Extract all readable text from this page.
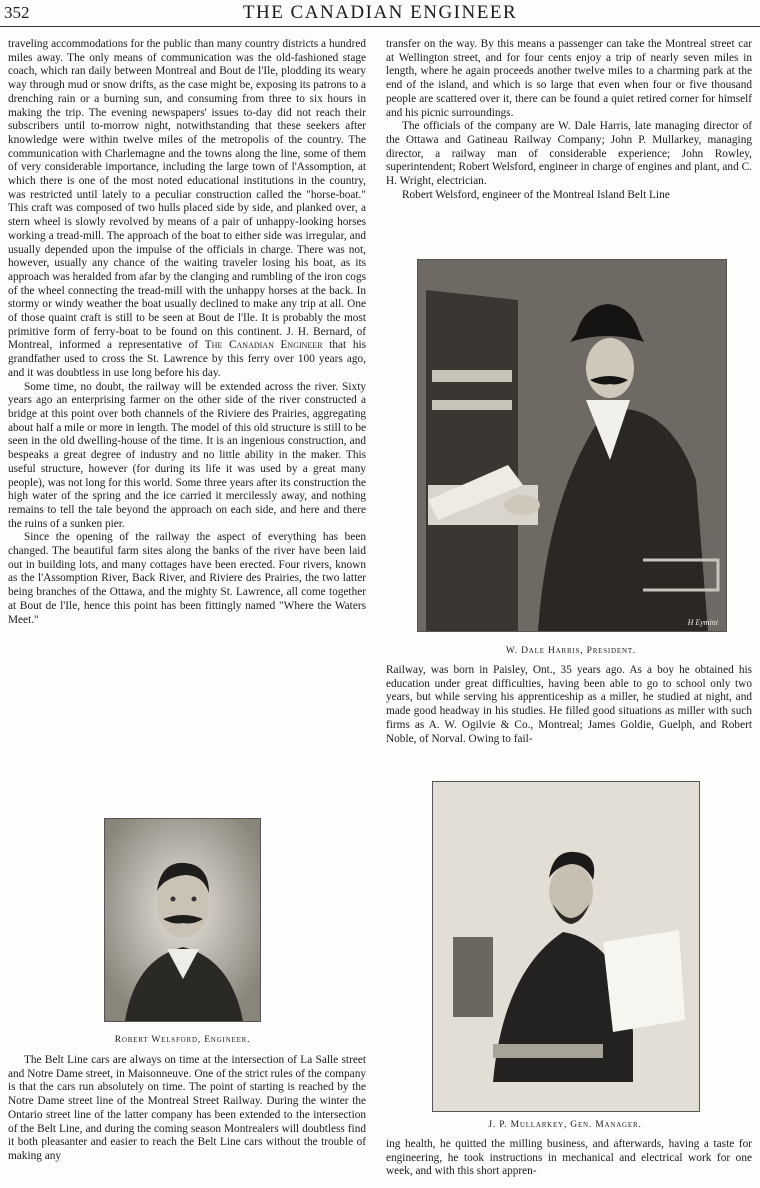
352	THE CANADIAN ENGINEER

traveling accommodations for the public than many country districts a hundred miles away. The only means of communication was the old-fashioned stage coach, which ran daily between Montreal and Bout de l'Ile, plodding its weary way through mud or snow drifts, as the case might be, exposing its patrons to a drenching rain or a burning sun, and consuming from three to six hours in making the trip. The evening newspapers' issues to-day did not reach their subscribers until to-morrow night, notwithstanding that these seekers after knowledge were within twelve miles of the metropolis of the country. The communication with Charlemagne and the towns along the line, some of them of very considerable importance, including the large town of l'Assomption, at which there is one of the most noted educational institutions in the country, was restricted until lately to a peculiar construction called the "horse-boat." This craft was composed of two hulls placed side by side, and planked over, a stern wheel is slowly revolved by means of a pair of unhappy-looking horses working a tread-mill. The approach of the boat to either side was irregular, and usually depended upon the impulse of the officials in charge. There was not, however, usually any chance of the waiting traveler losing his boat, as its approach was heralded from afar by the clanging and rumbling of the iron cogs of the wheel connecting the tread-mill with the unhappy horses at the back. In stormy or windy weather the boat usually declined to make any trip at all. One of those quaint craft is still to be seen at Bout de l'Ile. It is probably the most primitive form of ferry-boat to be found on this continent. J. H. Bernard, of Montreal, informed a representative of The Canadian Engineer that his grandfather used to cross the St. Lawrence by this ferry over 100 years ago, and it was doubtless in use long before his day.

Some time, no doubt, the railway will be extended across the river. Sixty years ago an enterprising farmer on the other side of the river constructed a bridge at this point over both channels of the Riviere des Prairies, aggregating about half a mile or more in length. The model of this old structure is still to be seen in the old dwelling-house of the time. It is an ingenious construction, and bespeaks a great degree of industry and no little ability in the maker. This useful structure, however (for during its life it was used by a great many people), was not long for this world. Some three years after its construction the high water of the spring and the ice carried it mercilessly away, and nothing remains to tell the tale beyond the approach on each side, and here and there the ruins of a sunken pier.

Since the opening of the railway the aspect of everything has been changed. The beautiful farm sites along the banks of the river have been laid out in building lots, and many cottages have been erected. Four rivers, known as the l'Assomption River, Back River, and Riviere des Prairies, the two latter being branches of the Ottawa, and the mighty St. Lawrence, all come together at Bout de l'Ile, hence this point has been fittingly named "Where the Waters Meet."

Robert Welsford, Engineer.

The Belt Line cars are always on time at the intersection of La Salle street and Notre Dame street, in Maisonneuve. One of the strict rules of the company is that the cars run absolutely on time. The point of starting is reached by the Notre Dame street line of the Montreal Street Railway. During the winter the Ontario street line of the latter company has been extended to the intersection of the Belt Line, and during the coming season Montrealers will doubtless find it both pleasanter and easier to reach the Belt Line cars without the trouble of making any

transfer on the way. By this means a passenger can take the Montreal street car at Wellington street, and for four cents enjoy a trip of nearly seven miles in length, where he again proceeds another twelve miles to a charming park at the end of the island, and which is so large that even when four or five thousand people are scattered over it, there can be found a quiet retired corner for himself and his picnic surroundings.

The officials of the company are W. Dale Harris, late managing director of the Ottawa and Gatineau Railway Company; John P. Mullarkey, managing director, a railway man of considerable experience; John Rowley, superintendent; Robert Welsford, engineer in charge of engines and plant, and C. H. Wright, electrician.

Robert Welsford, engineer of the Montreal Island Belt Line

H Eymini
W. Dale Harris, President.

Railway, was born in Paisley, Ont., 35 years ago. As a boy he obtained his education under great difficulties, having been able to go to school only two years, but while serving his apprenticeship as a miller, he studied at night, and made good headway in his studies. He filled good situations as miller with such firms as A. W. Ogilvie & Co., Montreal; James Goldie, Guelph, and Robert Noble, of Norval. Owing to fail-

J. P. Mullarkey, Gen. Manager.

ing health, he quitted the milling business, and afterwards, having a taste for engineering, he took instructions in mechanical and electrical work for one week, and with this short appren-
